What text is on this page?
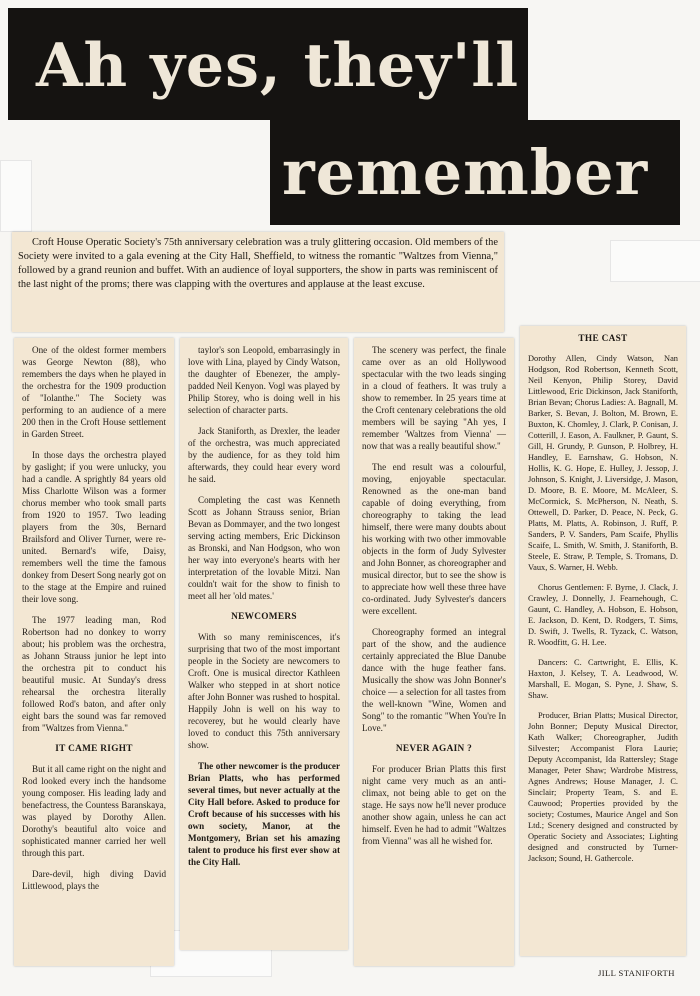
Ah yes, they'll
remember

Croft House Operatic Society's 75th anniversary celebration was a truly glittering occasion. Old members of the Society were invited to a gala evening at the City Hall, Sheffield, to witness the romantic "Waltzes from Vienna," followed by a grand reunion and buffet. With an audience of loyal supporters, the show in parts was reminiscent of the last night of the proms; there was clapping with the overtures and applause at the least excuse.

One of the oldest former members was George Newton (88), who remembers the days when he played in the orchestra for the 1909 production of "Iolanthe." The Society was performing to an audience of a mere 200 then in the Croft House settlement in Garden Street.

In those days the orchestra played by gaslight; if you were unlucky, you had a candle. A sprightly 84 years old Miss Charlotte Wilson was a former chorus member who took small parts from 1920 to 1957. Two leading players from the 30s, Bernard Brailsford and Oliver Turner, were re-united. Bernard's wife, Daisy, remembers well the time the famous donkey from Desert Song nearly got on to the stage at the Empire and ruined their love song.

The 1977 leading man, Rod Robertson had no donkey to worry about; his problem was the orchestra, as Johann Strauss junior he lept into the orchestra pit to conduct his beautiful music. At Sunday's dress rehearsal the orchestra literally followed Rod's baton, and after only eight bars the sound was far removed from "Waltzes from Vienna."

IT CAME RIGHT

But it all came right on the night and Rod looked every inch the handsome young composer. His leading lady and benefactress, the Countess Baranskaya, was played by Dorothy Allen. Dorothy's beautiful alto voice and sophisticated manner carried her well through this part.

Dare-devil, high diving David Littlewood, plays the

taylor's son Leopold, embarrasingly in love with Lina, played by Cindy Watson, the daughter of Ebenezer, the amply-padded Neil Kenyon. Vogl was played by Philip Storey, who is doing well in his selection of character parts.

Jack Staniforth, as Drexler, the leader of the orchestra, was much appreciated by the audience, for as they told him afterwards, they could hear every word he said.

Completing the cast was Kenneth Scott as Johann Strauss senior, Brian Bevan as Dommayer, and the two longest serving acting members, Eric Dickinson as Bronski, and Nan Hodgson, who won her way into everyone's hearts with her interpretation of the lovable Mitzi. Nan couldn't wait for the show to finish to meet all her 'old mates.'

NEWCOMERS

With so many reminiscences, it's surprising that two of the most important people in the Society are newcomers to Croft. One is musical director Kathleen Walker who stepped in at short notice after John Bonner was rushed to hospital. Happily John is well on his way to recoverey, but he would clearly have loved to conduct this 75th anniversary show.

The other newcomer is the producer Brian Platts, who has performed several times, but never actually at the City Hall before. Asked to produce for Croft because of his successes with his own society, Manor, at the Montgomery, Brian set his amazing talent to produce his first ever show at the City Hall.

The scenery was perfect, the finale came over as an old Hollywood spectacular with the two leads singing in a cloud of feathers. It was truly a show to remember. In 25 years time at the Croft centenary celebrations the old members will be saying "Ah yes, I remember 'Waltzes from Vienna' — now that was a really beautiful show."

The end result was a colourful, moving, enjoyable spectacular. Renowned as the one-man band capable of doing everything, from choreography to taking the lead himself, there were many doubts about his working with two other immovable objects in the form of Judy Sylvester and John Bonner, as choreographer and musical director, but to see the show is to appreciate how well these three have co-ordinated. Judy Sylvester's dancers were excellent.

Choreography formed an integral part of the show, and the audience certainly appreciated the Blue Danube dance with the huge feather fans. Musically the show was John Bonner's choice — a selection for all tastes from the well-known "Wine, Women and Song" to the romantic "When You're In Love."

NEVER AGAIN ?

For producer Brian Platts this first night came very much as an anti-climax, not being able to get on the stage. He says now he'll never produce another show again, unless he can act himself. Even he had to admit "Waltzes from Vienna" was all he wished for.

THE CAST

Dorothy Allen, Cindy Watson, Nan Hodgson, Rod Robertson, Kenneth Scott, Neil Kenyon, Philip Storey, David Littlewood, Eric Dickinson, Jack Staniforth, Brian Bevan; Chorus Ladies: A. Bagnall, M. Barker, S. Bevan, J. Bolton, M. Brown, E. Buxton, K. Chomley, J. Clark, P. Conisan, J. Cotterill, J. Eason, A. Faulkner, P. Gaunt, S. Gill, H. Grundy, P. Gunson, P. Holbrey, H. Handley, E. Earnshaw, G. Hobson, N. Hollis, K. G. Hope, E. Hulley, J. Jessop, J. Johnson, S. Knight, J. Liversidge, J. Mason, D. Moore, B. E. Moore, M. McAleer, S. McCormick, S. McPherson, N. Neath, S. Ottewell, D. Parker, D. Peace, N. Peck, G. Platts, M. Platts, A. Robinson, J. Ruff, P. Sanders, P. V. Sanders, Pam Scaife, Phyllis Scaife, L. Smith, W. Smith, J. Staniforth, B. Steele, E. Straw, P. Temple, S. Tromans, D. Vaux, S. Warner, H. Webb.

Chorus Gentlemen: F. Byrne, J. Clack, J. Crawley, J. Donnelly, J. Fearnehough, C. Gaunt, C. Handley, A. Hobson, E. Hobson, E. Jackson, D. Kent, D. Rodgers, T. Sims, D. Swift, J. Twells, R. Tyzack, C. Watson, R. Woodfitt, G. H. Lee.

Dancers: C. Cartwright, E. Ellis, K. Haxton, J. Kelsey, T. A. Leadwood, W. Marshall, E. Mogan, S. Pyne, J. Shaw, S. Shaw.

Producer, Brian Platts; Musical Director, John Bonner; Deputy Musical Director, Kath Walker; Choreographer, Judith Silvester; Accompanist Flora Laurie; Deputy Accompanist, Ida Rattersley; Stage Manager, Peter Shaw; Wardrobe Mistress, Agnes Andrews; House Manager, J. C. Sinclair; Property Team, S. and E. Cauwood; Properties provided by the society; Costumes, Maurice Angel and Son Ltd.; Scenery designed and constructed by Operatic Society and Associates; Lighting designed and constructed by Turner-Jackson; Sound, H. Gathercole.

JILL STANIFORTH
